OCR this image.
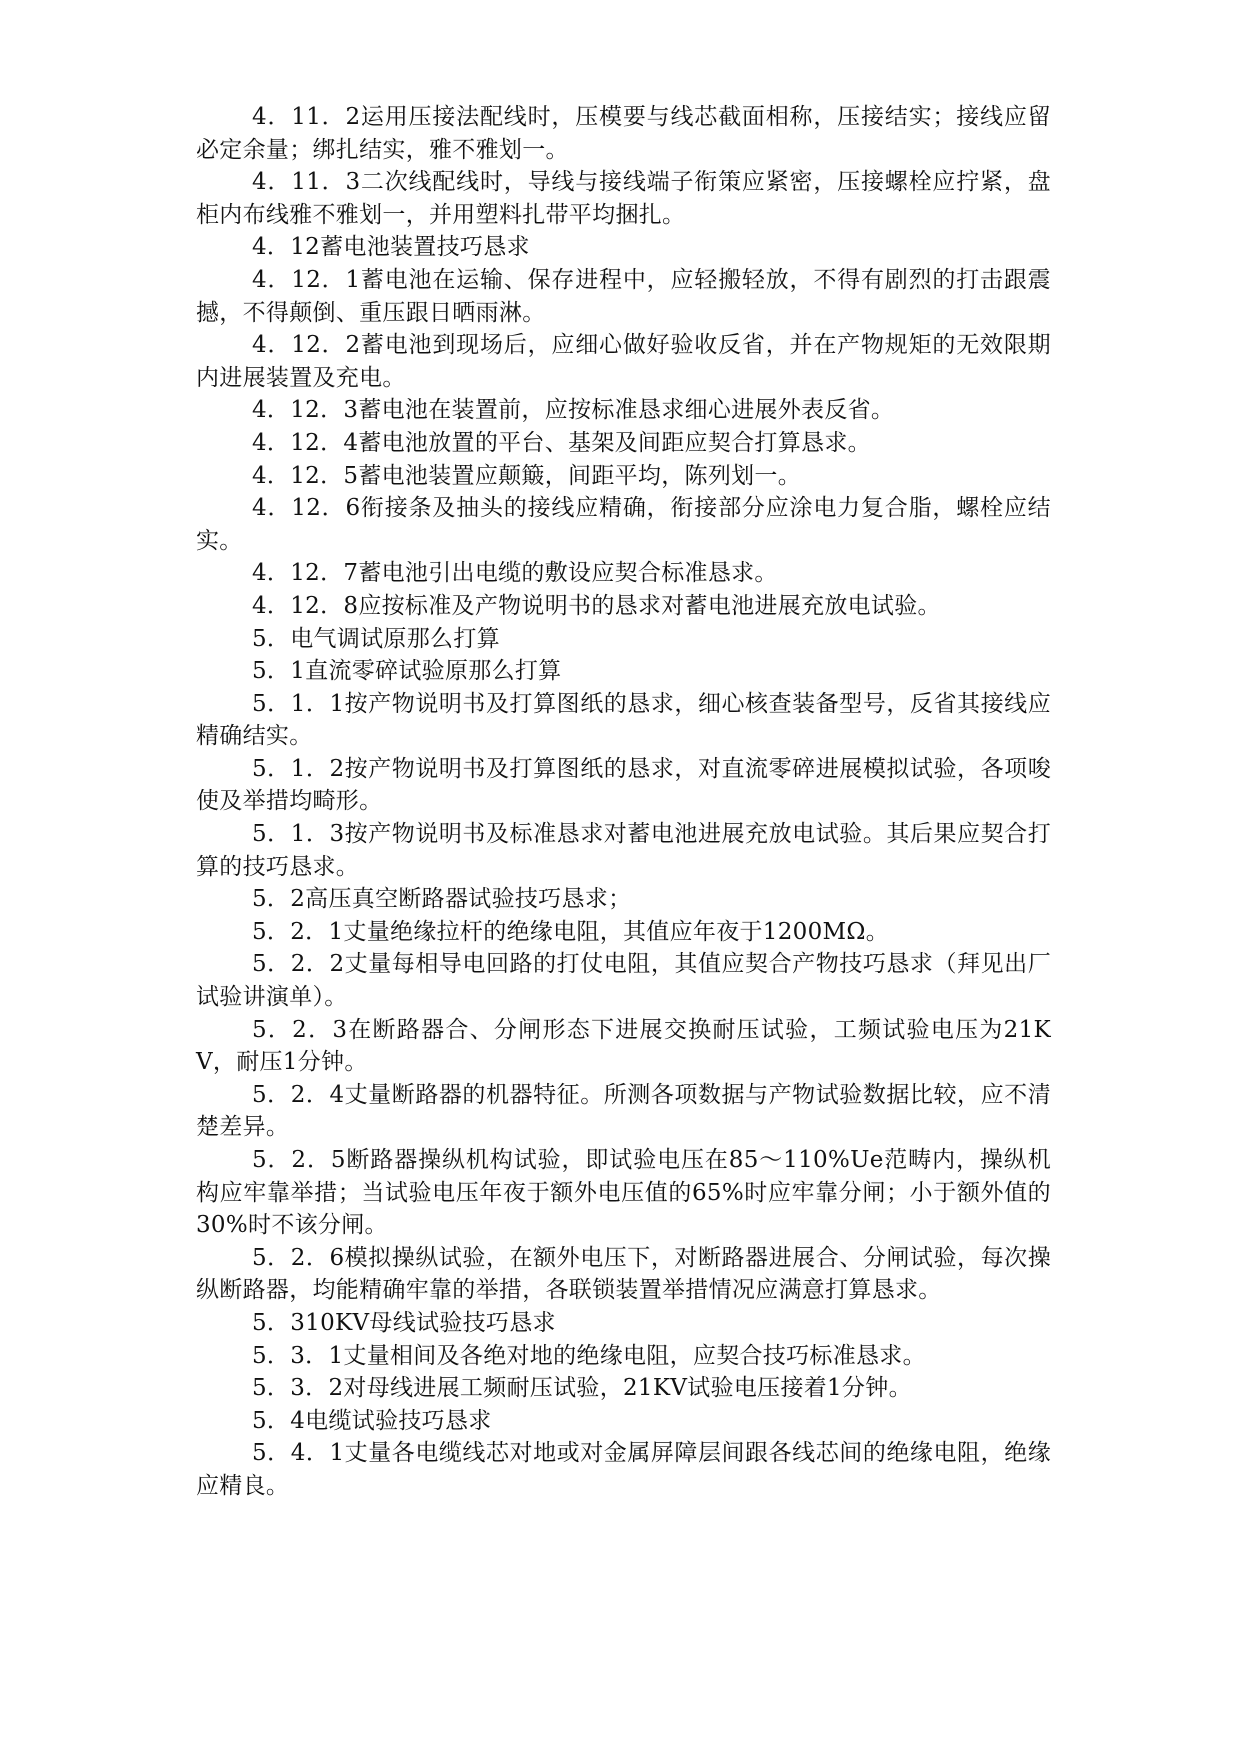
4．11．2运用压接法配线时，压模要与线芯截面相称，压接结实；接线应留必定余量；绑扎结实，雅不雅划一。

4．11．3二次线配线时，导线与接线端子衔策应紧密，压接螺栓应拧紧，盘柜内布线雅不雅划一，并用塑料扎带平均捆扎。

4．12蓄电池装置技巧恳求

4．12．1蓄电池在运输、保存进程中，应轻搬轻放，不得有剧烈的打击跟震撼，不得颠倒、重压跟日晒雨淋。

4．12．2蓄电池到现场后，应细心做好验收反省，并在产物规矩的无效限期内进展装置及充电。

4．12．3蓄电池在装置前，应按标准恳求细心进展外表反省。

4．12．4蓄电池放置的平台、基架及间距应契合打算恳求。

4．12．5蓄电池装置应颠簸，间距平均，陈列划一。

4．12．6衔接条及抽头的接线应精确，衔接部分应涂电力复合脂，螺栓应结实。

4．12．7蓄电池引出电缆的敷设应契合标准恳求。

4．12．8应按标准及产物说明书的恳求对蓄电池进展充放电试验。

5．电气调试原那么打算

5．1直流零碎试验原那么打算

5．1．1按产物说明书及打算图纸的恳求，细心核查装备型号，反省其接线应精确结实。

5．1．2按产物说明书及打算图纸的恳求，对直流零碎进展模拟试验，各项唆使及举措均畸形。

5．1．3按产物说明书及标准恳求对蓄电池进展充放电试验。其后果应契合打算的技巧恳求。

5．2高压真空断路器试验技巧恳求；

5．2．1丈量绝缘拉杆的绝缘电阻，其值应年夜于1200MΩ。

5．2．2丈量每相导电回路的打仗电阻，其值应契合产物技巧恳求（拜见出厂试验讲演单）。

5．2．3在断路器合、分闸形态下进展交换耐压试验，工频试验电压为21KV，耐压1分钟。

5．2．4丈量断路器的机器特征。所测各项数据与产物试验数据比较，应不清楚差异。

5．2．5断路器操纵机构试验，即试验电压在85～110%Ue范畴内，操纵机构应牢靠举措；当试验电压年夜于额外电压值的65%时应牢靠分闸；小于额外值的30%时不该分闸。

5．2．6模拟操纵试验，在额外电压下，对断路器进展合、分闸试验，每次操纵断路器，均能精确牢靠的举措，各联锁装置举措情况应满意打算恳求。

5．310KV母线试验技巧恳求

5．3．1丈量相间及各绝对地的绝缘电阻，应契合技巧标准恳求。

5．3．2对母线进展工频耐压试验，21KV试验电压接着1分钟。

5．4电缆试验技巧恳求

5．4．1丈量各电缆线芯对地或对金属屏障层间跟各线芯间的绝缘电阻，绝缘应精良。
